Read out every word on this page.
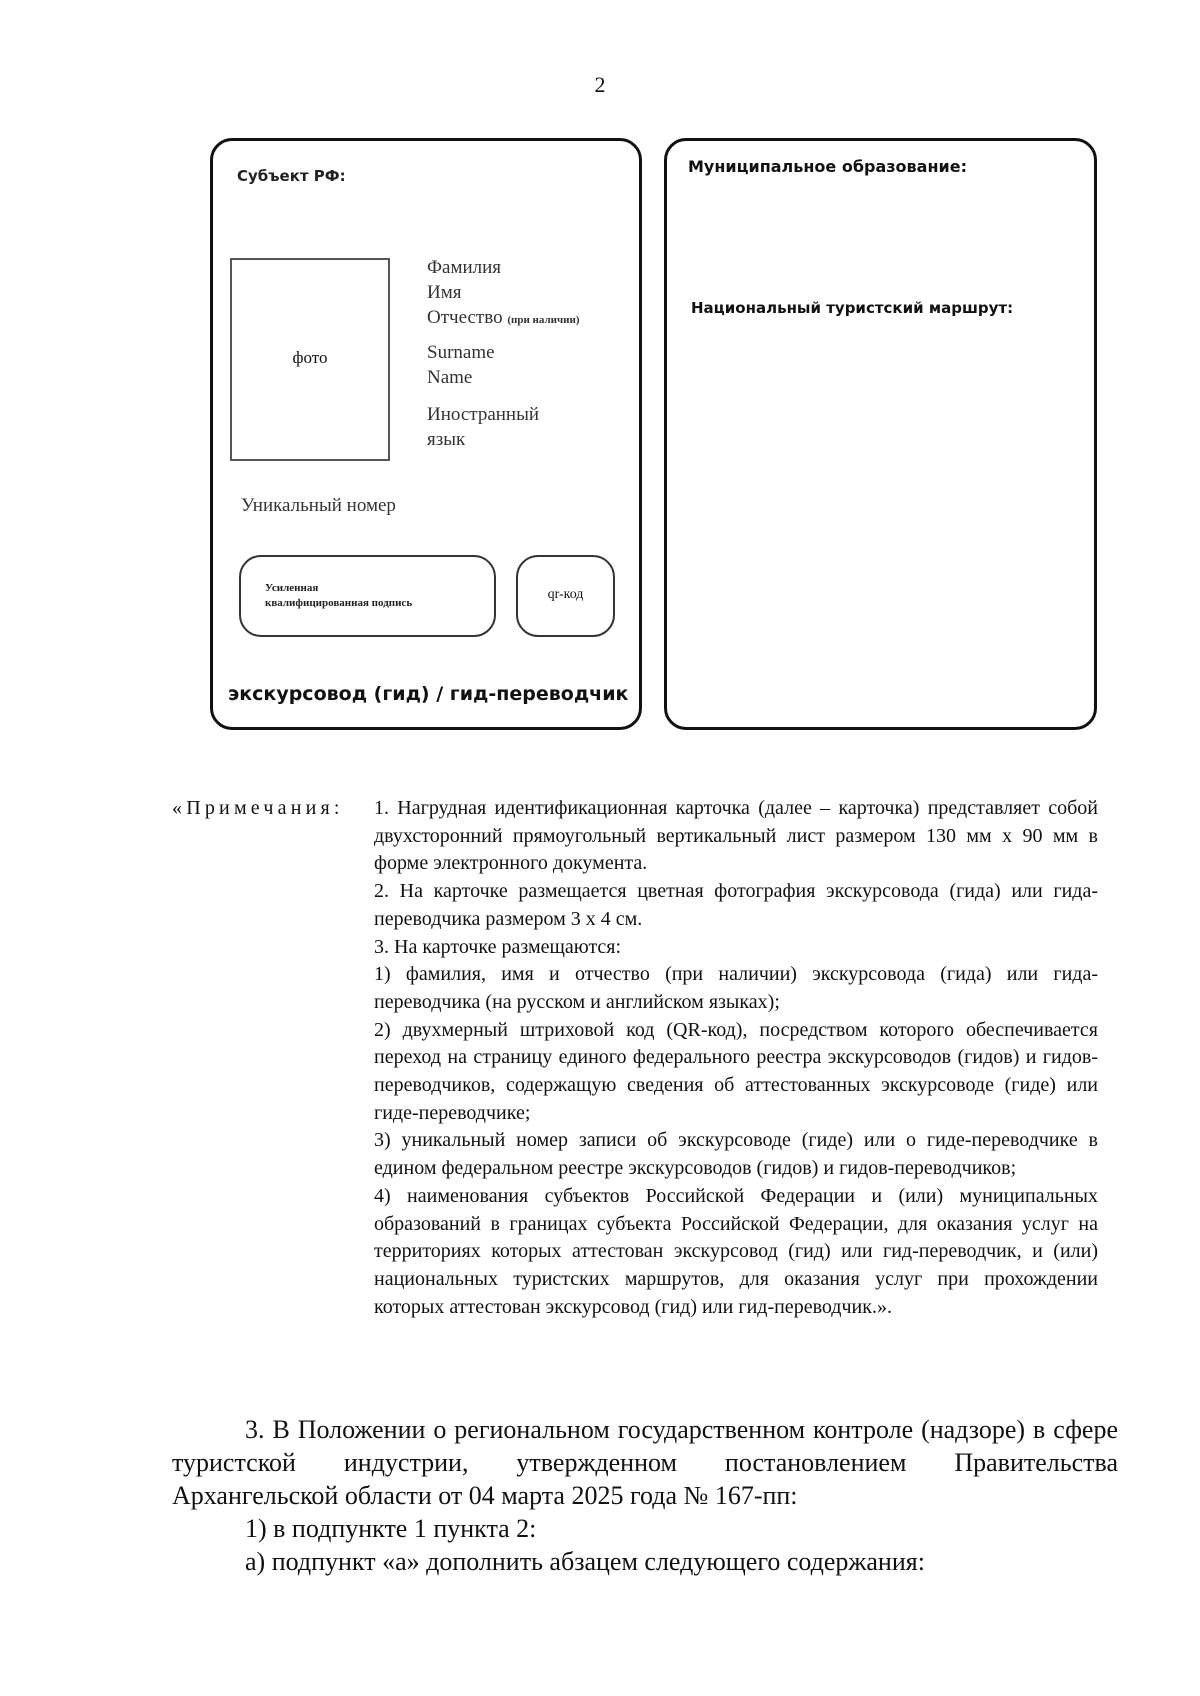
2
Субъект РФ:
фото
Фамилия
Имя
Отчество (при наличии)
Surname
Name
Иностранный
язык
Уникальный номер
Усиленная
квалифицированная подпись
qr-код
экскурсовод (гид) / гид-переводчик
Муниципальное образование:
Национальный туристский маршрут:
«Примечания:	1. Нагрудная идентификационная карточка (далее – карточка) представляет собой двухсторонний прямоугольный вертикальный лист размером 130 мм х 90 мм в форме электронного документа.

2. На карточке размещается цветная фотография экскурсовода (гида) или гида-переводчика размером 3 х 4 см.

3. На карточке размещаются:

1) фамилия, имя и отчество (при наличии) экскурсовода (гида) или гида-переводчика (на русском и английском языках);

2) двухмерный штриховой код (QR-код), посредством которого обеспечивается переход на страницу единого федерального реестра экскурсоводов (гидов) и гидов-переводчиков, содержащую сведения об аттестованных экскурсоводе (гиде) или гиде-переводчике;

3) уникальный номер записи об экскурсоводе (гиде) или о гиде-переводчике в едином федеральном реестре экскурсоводов (гидов) и гидов-переводчиков;

4) наименования субъектов Российской Федерации и (или) муниципальных образований в границах субъекта Российской Федерации, для оказания услуг на территориях которых аттестован экскурсовод (гид) или гид-переводчик, и (или) национальных туристских маршрутов, для оказания услуг при прохождении которых аттестован экскурсовод (гид) или гид-переводчик.».

3. В Положении о региональном государственном контроле (надзоре) в сфере туристской индустрии, утвержденном постановлением Правительства Архангельской области от 04 марта 2025 года № 167-пп:

1) в подпункте 1 пункта 2:

а) подпункт «а» дополнить абзацем следующего содержания:
